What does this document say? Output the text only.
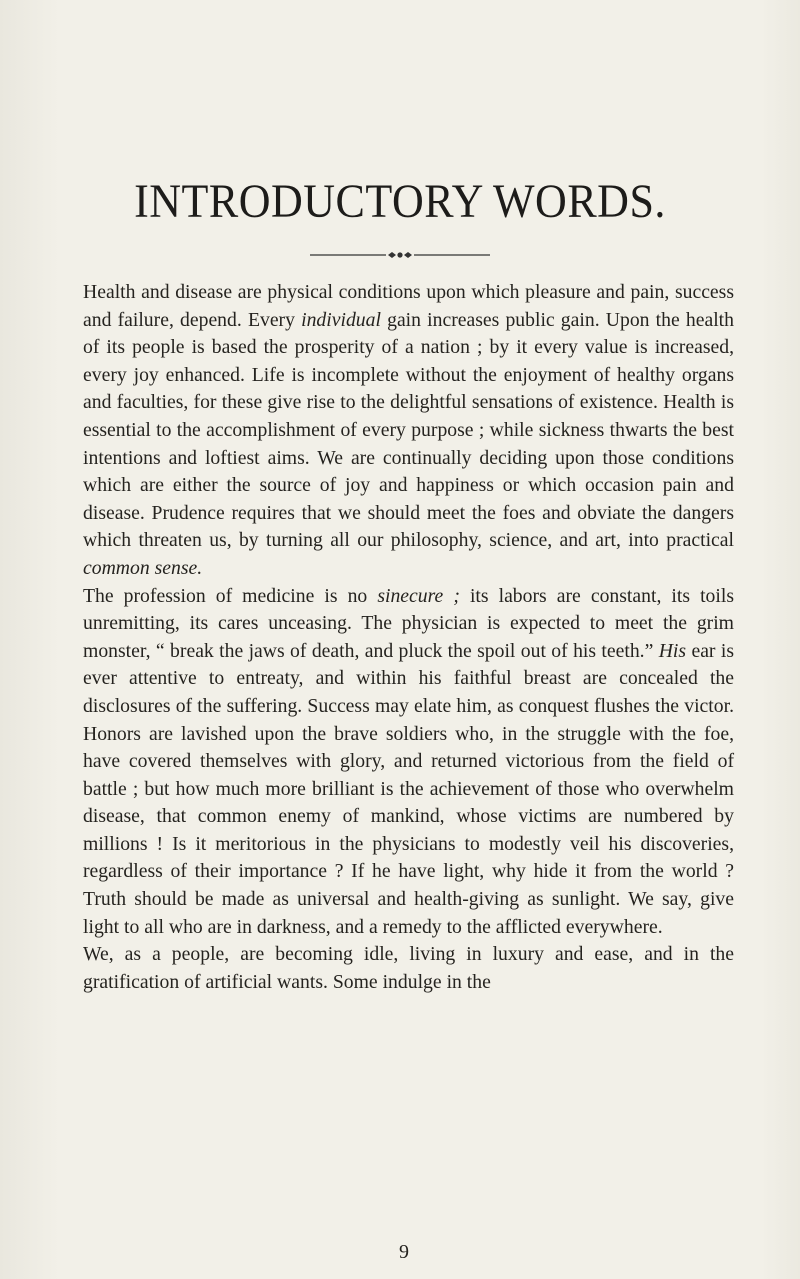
INTRODUCTORY WORDS.

Health and disease are physical conditions upon which pleasure and pain, success and failure, depend. Every individual gain increases public gain. Upon the health of its people is based the prosperity of a nation ; by it every value is increased, every joy enhanced. Life is incomplete without the enjoyment of healthy organs and faculties, for these give rise to the delightful sensations of existence. Health is essential to the accomplishment of every purpose ; while sickness thwarts the best intentions and loftiest aims. We are continually deciding upon those conditions which are either the source of joy and happiness or which occasion pain and disease. Prudence requires that we should meet the foes and obviate the dangers which threaten us, by turning all our philosophy, science, and art, into practical common sense.

The profession of medicine is no sinecure ; its labors are constant, its toils unremitting, its cares unceasing. The physician is expected to meet the grim monster, “ break the jaws of death, and pluck the spoil out of his teeth.” His ear is ever attentive to entreaty, and within his faithful breast are concealed the disclosures of the suffering. Success may elate him, as conquest flushes the victor. Honors are lavished upon the brave soldiers who, in the struggle with the foe, have covered themselves with glory, and returned victorious from the field of battle ; but how much more brilliant is the achievement of those who overwhelm disease, that common enemy of mankind, whose victims are numbered by millions ! Is it meritorious in the physicians to modestly veil his discoveries, regardless of their importance ? If he have light, why hide it from the world ? Truth should be made as universal and health-giving as sunlight. We say, give light to all who are in darkness, and a remedy to the afflicted everywhere.

We, as a people, are becoming idle, living in luxury and ease, and in the gratification of artificial wants. Some indulge in the

9
